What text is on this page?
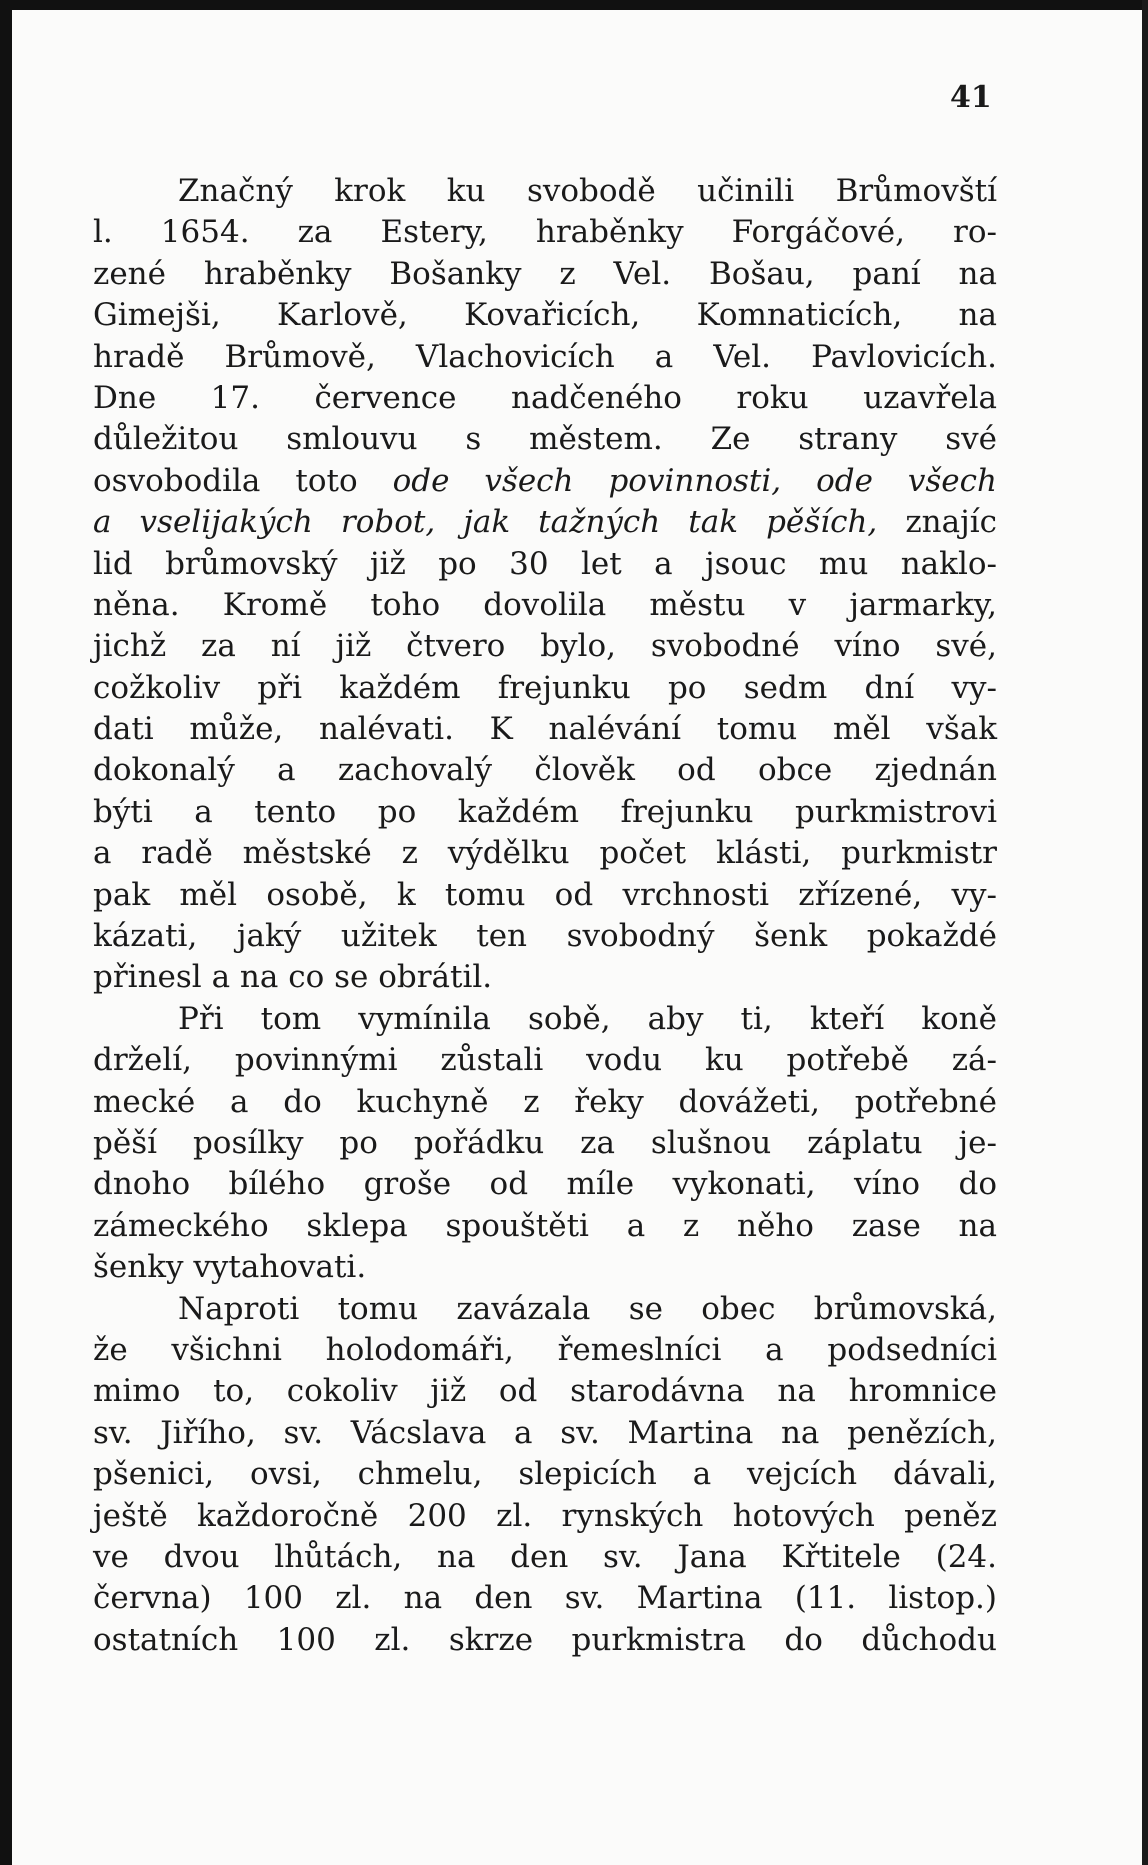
41
Značný krok ku svobodě učinili Brůmovští
l. 1654. za Estery, hraběnky Forgáčové, ro-
zené hraběnky Bošanky z Vel. Bošau, paní na
Gimejši, Karlově, Kovařicích, Komnaticích, na
hradě Brůmově, Vlachovicích a Vel. Pavlovicích.
Dne 17. července nadčeného roku uzavřela
důležitou smlouvu s městem. Ze strany své
osvobodila toto ode všech povinnosti, ode všech
a vselijakých robot, jak tažných tak pěších, znajíc
lid brůmovský již po 30 let a jsouc mu naklo-
něna. Kromě toho dovolila městu v jarmarky,
jichž za ní již čtvero bylo, svobodné víno své,
cožkoliv při každém frejunku po sedm dní vy-
dati může, nalévati. K nalévání tomu měl však
dokonalý a zachovalý člověk od obce zjednán
býti a tento po každém frejunku purkmistrovi
a radě městské z výdělku počet klásti, purkmistr
pak měl osobě, k tomu od vrchnosti zřízené, vy-
kázati, jaký užitek ten svobodný šenk pokaždé
přinesl a na co se obrátil.
Při tom vymínila sobě, aby ti, kteří koně
drželí, povinnými zůstali vodu ku potřebě zá-
mecké a do kuchyně z řeky dovážeti, potřebné
pěší posílky po pořádku za slušnou záplatu je-
dnoho bílého groše od míle vykonati, víno do
zámeckého sklepa spouštěti a z něho zase na
šenky vytahovati.
Naproti tomu zavázala se obec brůmovská,
že všichni holodomáři, řemeslníci a podsedníci
mimo to, cokoliv již od starodávna na hromnice
sv. Jiřího, sv. Vácslava a sv. Martina na penězích,
pšenici, ovsi, chmelu, slepicích a vejcích dávali,
ještě každoročně 200 zl. rynských hotových peněz
ve dvou lhůtách, na den sv. Jana Křtitele (24.
června) 100 zl. na den sv. Martina (11. listop.)
ostatních 100 zl. skrze purkmistra do důchodu
